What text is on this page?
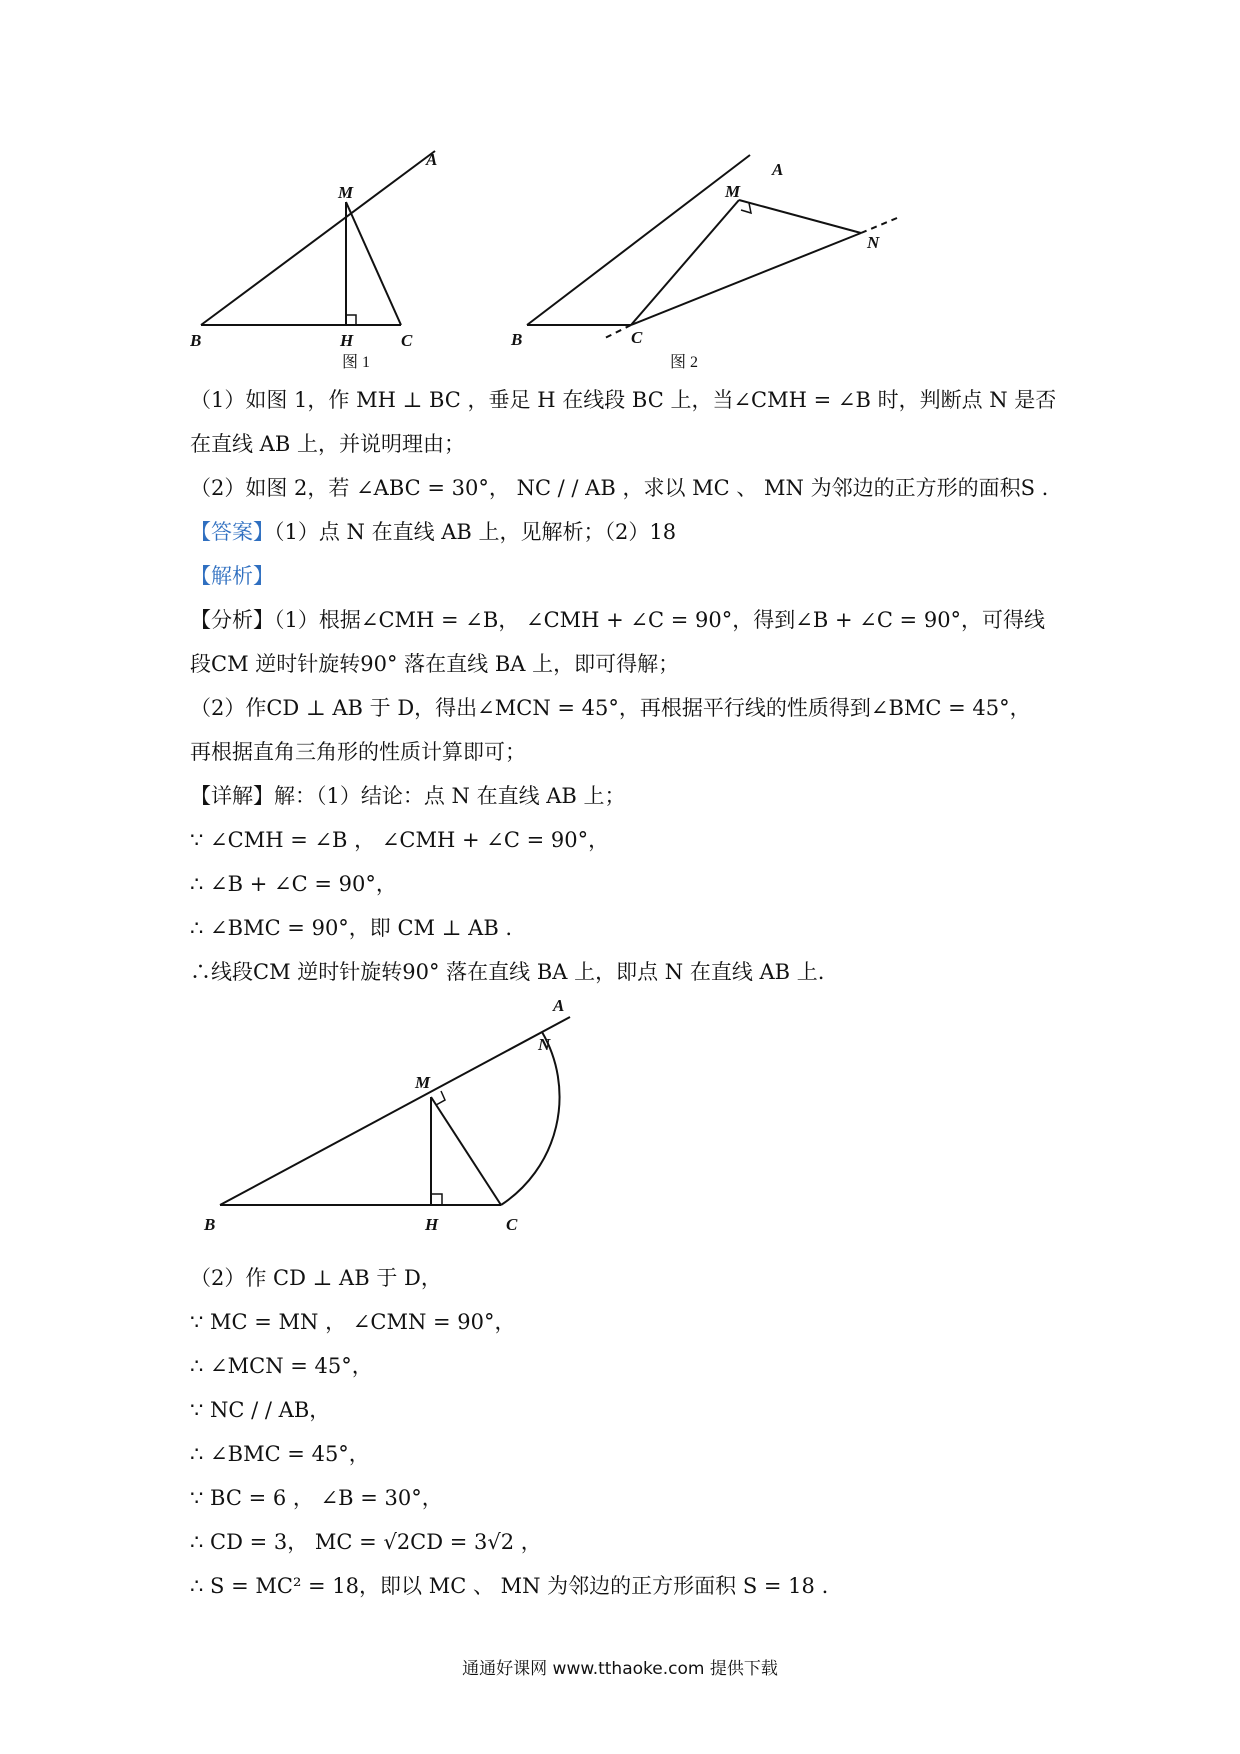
A
M
B	H	C
图 1
A
M
N
B	C
图 2
（1）如图 1，作 MH ⊥ BC ，垂足 H 在线段 BC 上，当∠CMH = ∠B 时，判断点 N 是否
在直线 AB 上，并说明理由；
（2）如图 2，若 ∠ABC = 30°， NC / / AB ，求以 MC 、 MN 为邻边的正方形的面积S .
【答案】（1）点 N 在直线 AB 上，见解析；（2）18
【解析】
【分析】（1）根据∠CMH = ∠B， ∠CMH + ∠C = 90°，得到∠B + ∠C = 90°，可得线
段CM 逆时针旋转90° 落在直线 BA 上，即可得解；
（2）作CD ⊥ AB 于 D，得出∠MCN = 45°，再根据平行线的性质得到∠BMC = 45°，
再根据直角三角形的性质计算即可；
【详解】解：（1）结论：点 N 在直线 AB 上；
∵ ∠CMH = ∠B ， ∠CMH + ∠C = 90°，
∴ ∠B + ∠C = 90°，
∴ ∠BMC = 90°，即 CM ⊥ AB .
∴线段CM 逆时针旋转90° 落在直线 BA 上，即点 N 在直线 AB 上.
A
N
M
B	H	C
（2）作 CD ⊥ AB 于 D，
∵ MC = MN ， ∠CMN = 90°，
∴ ∠MCN = 45°，
∵ NC / / AB，
∴ ∠BMC = 45°，
∵ BC = 6 ， ∠B = 30°，
∴ CD = 3， MC = √2CD = 3√2 ，
∴ S = MC² = 18，即以 MC 、 MN 为邻边的正方形面积 S = 18 .
通通好课网 www.tthaoke.com 提供下载
